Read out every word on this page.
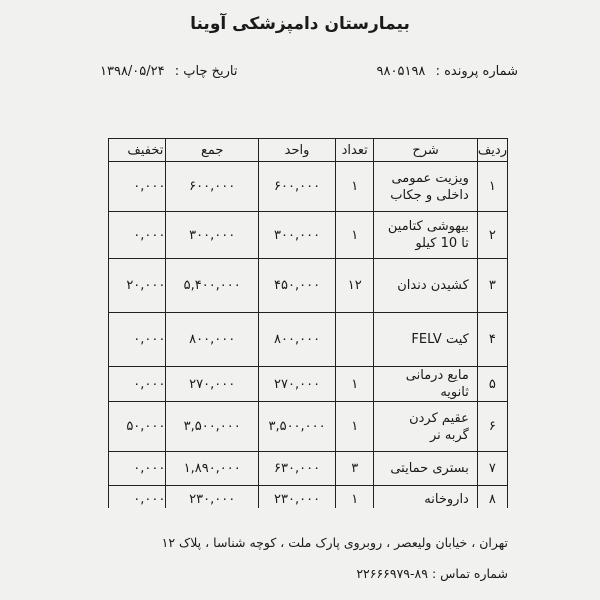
بیمارستان دامپزشکی آوینا
شماره پرونده : ۹۸۰۵۱۹۸
تاریخ چاپ : ۱۳۹۸/۰۵/۲۴
ردیف	شرح	تعداد	واحد	جمع	تخفیف
۱	ویزیت عمومی داخلی و جکاب	۱	۶۰۰,۰۰۰	۶۰۰,۰۰۰	۰,۰۰۰
۲	بیهوشی کتامین تا 10 کیلو	۱	۳۰۰,۰۰۰	۳۰۰,۰۰۰	۰,۰۰۰
۳	کشیدن دندان	۱۲	۴۵۰,۰۰۰	۵,۴۰۰,۰۰۰	۲۰,۰۰۰
۴	کیت FELV		۸۰۰,۰۰۰	۸۰۰,۰۰۰	۰,۰۰۰
۵	مایع درمانی ثانویه	۱	۲۷۰,۰۰۰	۲۷۰,۰۰۰	۰,۰۰۰
۶	عقیم کردن گربه نر	۱	۳,۵۰۰,۰۰۰	۳,۵۰۰,۰۰۰	۵۰,۰۰۰
۷	بستری حمایتی	۳	۶۳۰,۰۰۰	۱,۸۹۰,۰۰۰	۰,۰۰۰
۸	داروخانه	۱	۲۳۰,۰۰۰	۲۳۰,۰۰۰	۰,۰۰۰
تهران ، خیابان ولیعصر ، روبروی پارک ملت ، کوچه شناسا ، پلاک ۱۲
شماره تماس : ۸۹-۲۲۶۶۶۹۷۹
